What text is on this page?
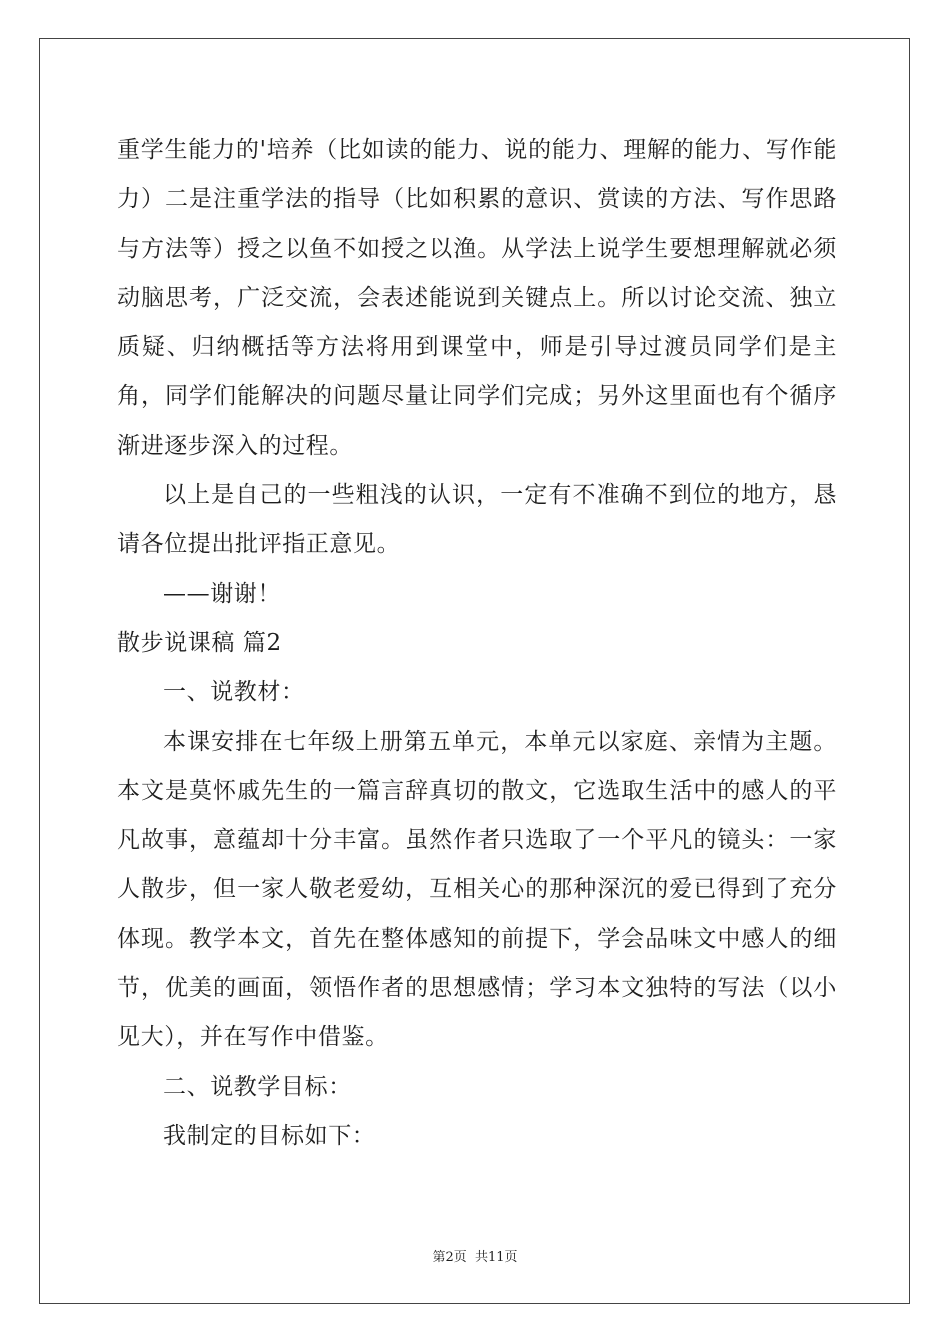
重学生能力的'培养（比如读的能力、说的能力、理解的能力、写作能力）二是注重学法的指导（比如积累的意识、赏读的方法、写作思路与方法等）授之以鱼不如授之以渔。从学法上说学生要想理解就必须动脑思考，广泛交流，会表述能说到关键点上。所以讨论交流、独立质疑、归纳概括等方法将用到课堂中，师是引导过渡员同学们是主角，同学们能解决的问题尽量让同学们完成；另外这里面也有个循序渐进逐步深入的过程。

以上是自己的一些粗浅的认识，一定有不准确不到位的地方，恳请各位提出批评指正意见。

——谢谢！

散步说课稿 篇2

一、说教材：

本课安排在七年级上册第五单元，本单元以家庭、亲情为主题。本文是莫怀戚先生的一篇言辞真切的散文，它选取生活中的感人的平凡故事，意蕴却十分丰富。虽然作者只选取了一个平凡的镜头：一家人散步，但一家人敬老爱幼，互相关心的那种深沉的爱已得到了充分体现。教学本文，首先在整体感知的前提下，学会品味文中感人的细节，优美的画面，领悟作者的思想感情；学习本文独特的写法（以小见大），并在写作中借鉴。

二、说教学目标：

我制定的目标如下：

第2页  共11页
